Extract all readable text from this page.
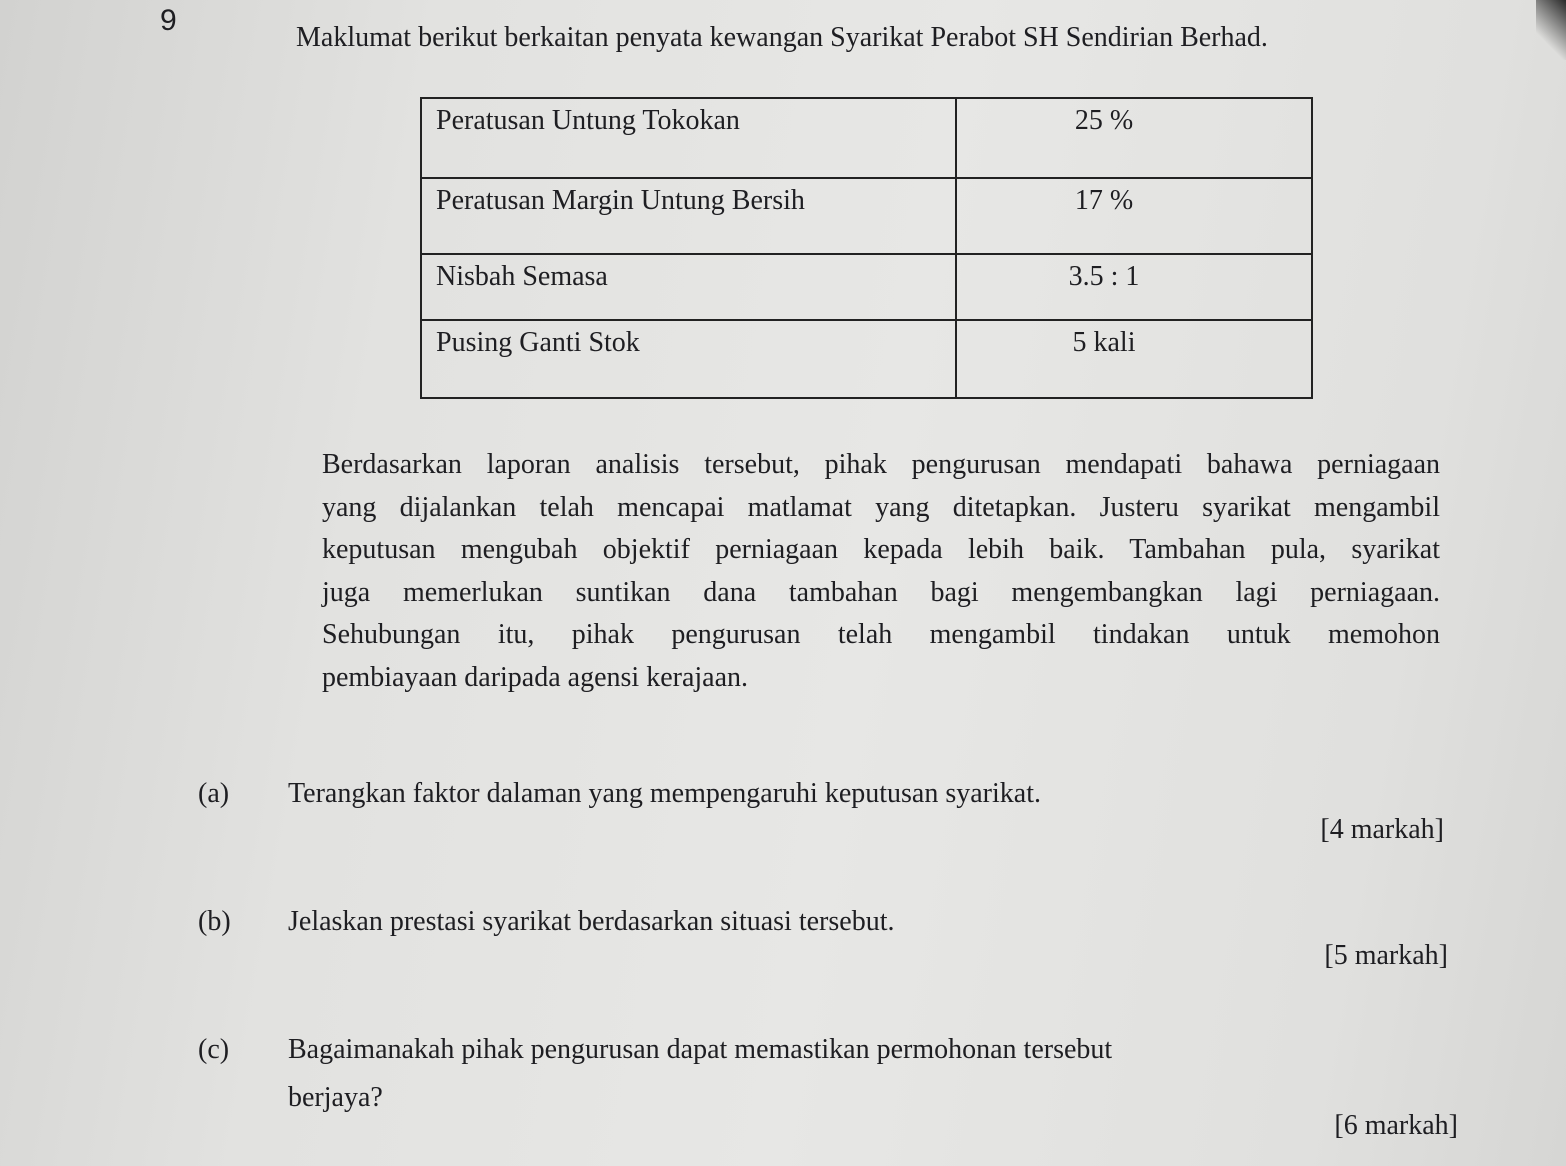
9
Maklumat berikut berkaitan penyata kewangan Syarikat Perabot SH Sendirian Berhad.
Peratusan Untung Tokokan	25 %
Peratusan Margin Untung Bersih	17 %
Nisbah Semasa	3.5 : 1
Pusing Ganti Stok	5 kali
Berdasarkan laporan analisis tersebut, pihak pengurusan mendapati bahawa perniagaan
yang dijalankan telah mencapai matlamat yang ditetapkan. Justeru syarikat mengambil
keputusan mengubah objektif perniagaan kepada lebih baik. Tambahan pula, syarikat
juga memerlukan suntikan dana tambahan bagi mengembangkan lagi perniagaan.
Sehubungan itu, pihak pengurusan telah mengambil tindakan untuk memohon
pembiayaan daripada agensi kerajaan.
(a) Terangkan faktor dalaman yang mempengaruhi keputusan syarikat.
[4 markah]
(b) Jelaskan prestasi syarikat berdasarkan situasi tersebut.
[5 markah]
(c) Bagaimanakah pihak pengurusan dapat memastikan permohonan tersebut
berjaya?
[6 markah]
